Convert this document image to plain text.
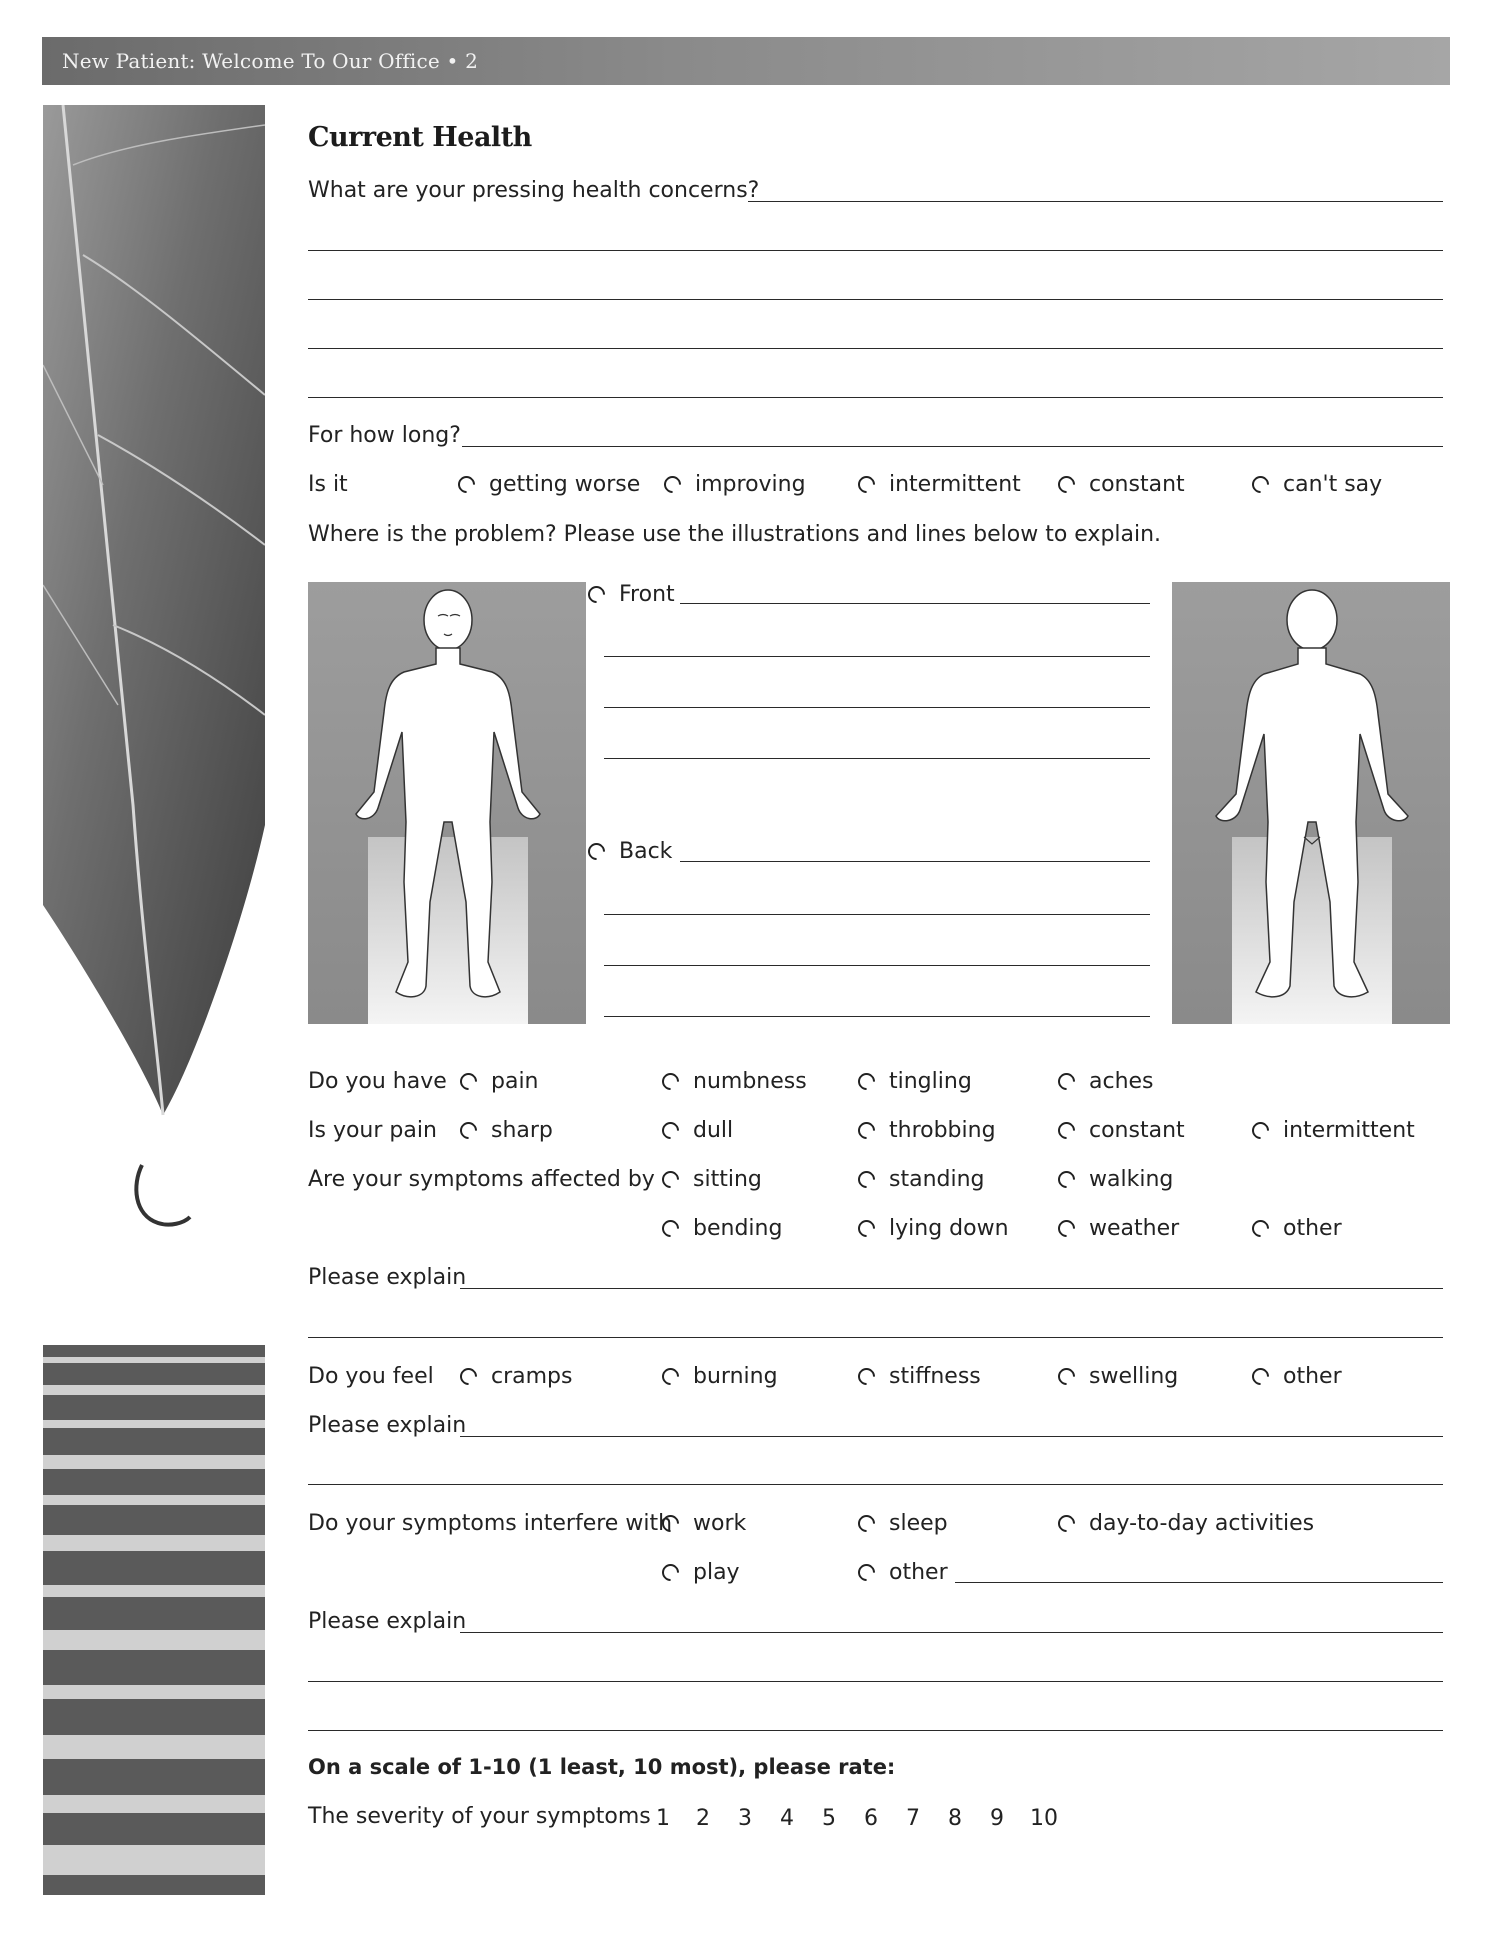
New Patient: Welcome To Our Office • 2
Current Health
What are your pressing health concerns?
For how long?
Is it	getting worse improving	intermittent	constant	can't say
Where is the problem? Please use the illustrations and lines below to explain.
Front
Back
Do you have pain	numbness	tingling	aches
Is your pain sharp	dull	throbbing	constant	intermittent
Are your symptoms affected by sitting	standing	walking
bending	lying down	weather	other
Please explain
Do you feel	cramps	burning	stiffness	swelling	other
Please explain
Do your symptoms interfere with work	sleep	day-to-day activities
play	other
Please explain
On a scale of 1-10 (1 least, 10 most), please rate:
The severity of your symptoms 1 2 3 4 5 6 7 8 9 10
